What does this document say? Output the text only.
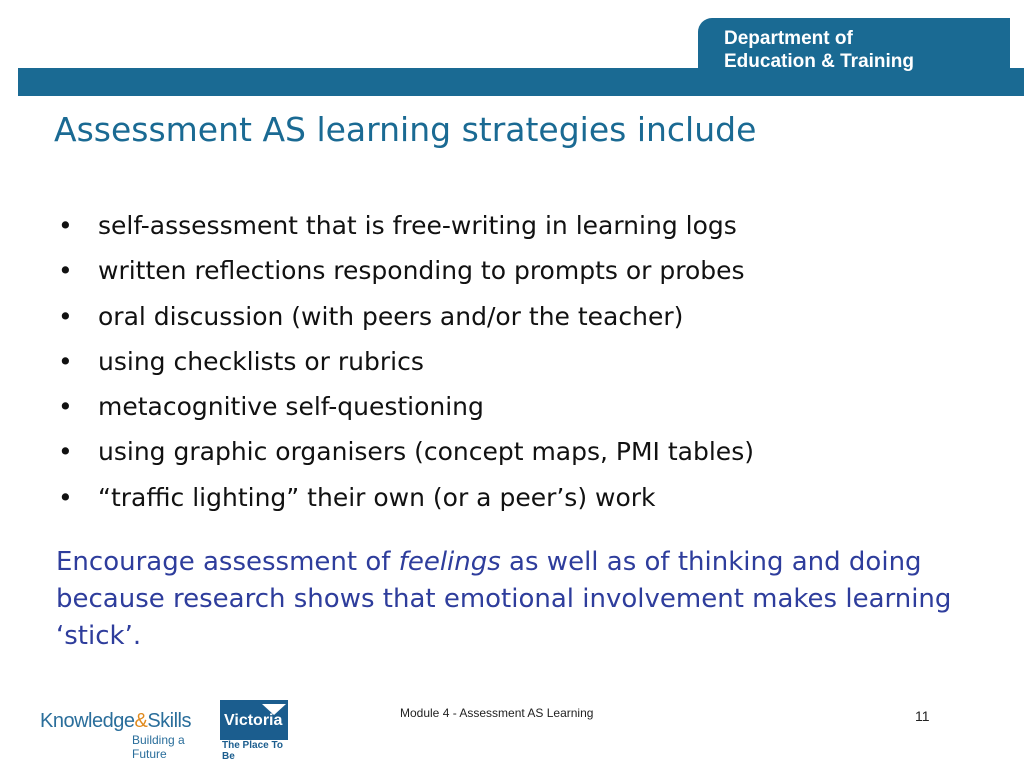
Department of
Education & Training
Assessment AS learning strategies include
• self-assessment that is free-writing in learning logs
• written reflections responding to prompts or probes
• oral discussion (with peers and/or the teacher)
• using checklists or rubrics
• metacognitive self-questioning
• using graphic organisers (concept maps, PMI tables)
• “traffic lighting” their own (or a peer’s) work

Encourage assessment of feelings as well as of thinking and doing because research shows that emotional involvement makes learning ‘stick’.

Knowledge&Skills
Building a Future
Victoria
The Place To Be
Module 4 - Assessment AS Learning	11
